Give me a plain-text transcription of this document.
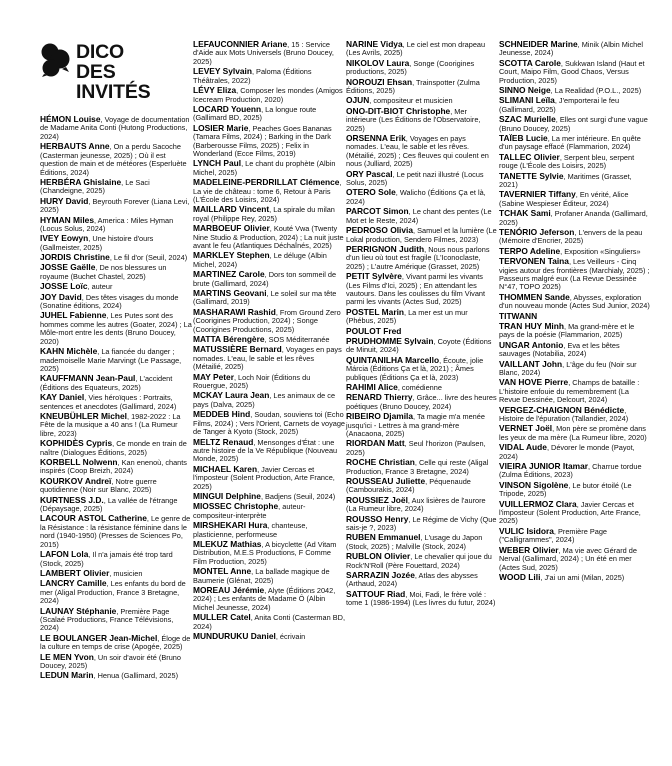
DICO
DES INVITÉS
HÉMON Louise, Voyage de documentation de Madame Anita Conti (Hutong Productions, 2024)
HERBAUTS Anne, On a perdu Sacoche (Casterman jeunesse, 2025) ; Où il est question de main et de météores (Esperluète Éditions, 2024)
HERBÉRA Ghislaine, Le Saci (Chandeigne, 2025)
HURY David, Beyrouth Forever (Liana Levi, 2025)
HYMAN Miles, America : Miles Hyman (Locus Solus, 2024)
IVEY Eowyn, Une histoire d'ours (Gallmeister, 2025)
JORDIS Christine, Le fil d'or (Seuil, 2024)
JOSSE Gaëlle, De nos blessures un royaume (Buchet Chastel, 2025)
JOSSE Loïc, auteur
JOY David, Des têtes visages du monde (Sonatine éditions, 2024)
JUHEL Fabienne, Les Putes sont des hommes comme les autres (Goater, 2024) ; La Môle-mort entre les dents (Bruno Doucey, 2020)
KAHN Michèle, La fiancée du danger ; mademoiselle Marie Marvingt (Le Passage, 2025)
KAUFFMANN Jean-Paul, L'accident (Éditions des Equateurs, 2025)
KAY Daniel, Vies héroïques : Portraits, sentences et anecdotes (Gallimard, 2024)
KNEUBÜHLER Michel, 1982-2022 : La Fête de la musique a 40 ans ! (La Rumeur libre, 2023)
KOPHIDÈS Cypris, Ce monde en train de naître (Dialogues Éditions, 2025)
KORBELL Nolwenn, Kan enenoù, chants inspirés (Coop Breizh, 2024)
KOURKOV Andreï, Notre guerre quotidienne (Noir sur Blanc, 2025)
KURTNESS J.D., La vallée de l'étrange (Dépaysage, 2025)
LACOUR ASTOL Catherine, Le genre de la Résistance : la résistance féminine dans le nord (1940-1950) (Presses de Sciences Po, 2015)
LAFON Lola, Il n'a jamais été trop tard (Stock, 2025)
LAMBERT Olivier, musicien
LANCRY Camille, Les enfants du bord de mer (Aligal Production, France 3 Bretagne, 2024)
LAUNAY Stéphanie, Première Page (Scalaé Productions, France Télévisions, 2024)
LE BOULANGER Jean-Michel, Éloge de la culture en temps de crise (Apogée, 2025)
LE MEN Yvon, Un soir d'avoir été (Bruno Doucey, 2025)
LEDUN Marin, Henua (Gallimard, 2025)
LEFAUCONNIER Ariane, 15 : Service d'Aide aux Mots Universels (Bruno Doucey, 2025)
LEVEY Sylvain, Paloma (Éditions Théâtrales, 2022)
LÉVY Eliza, Composer les mondes (Amigos Icecream Production, 2020)
LOCARD Youenn, La longue route (Gallimard BD, 2025)
LOSIER Marie, Peaches Goes Bananas (Tamara Films, 2024) ; Barking in the Dark (Barberousse Films, 2025) ; Felix in Wonderland (Ecce Films, 2019)
LYNCH Paul, Le chant du prophète (Albin Michel, 2025)
MADELEINE-PERDRILLAT Clémence, La vie de château : tome 6, Retour à Paris (L'École des Loisirs, 2024)
MAILLARD Vincent, La spirale du milan royal (Philippe Rey, 2025)
MARBOEUF Olivier, Kouté Vwa (Twenty Nine Studio & Production, 2024) ; La nuit juste avant le feu (Atlantiques Déchaînés, 2025)
MARKLEY Stephen, Le déluge (Albin Michel, 2024)
MARTINEZ Carole, Dors ton sommeil de brute (Gallimard, 2024)
MARTINS Geovani, Le soleil sur ma tête (Gallimard, 2019)
MASHARAWI Rashid, From Ground Zero (Coorigines Production, 2024) ; Songe (Coorigines Productions, 2025)
MATTA Bérengère, SOS Méditerranée
MATUSSIÈRE Bernard, Voyages en pays nomades. L'eau, le sable et les rêves (Métailié, 2025)
MAY Peter, Loch Noir (Éditions du Rouergue, 2025)
MCKAY Laura Jean, Les animaux de ce pays (Dalva, 2025)
MEDDEB Hind, Soudan, souviens toi (Echo Films, 2024) ; Vers l'Orient, Carnets de voyage de Tanger à Kyoto (Stock, 2025)
MELTZ Renaud, Mensonges d'État : une autre histoire de la Ve République (Nouveau Monde, 2025)
MICHAEL Karen, Javier Cercas et l'imposteur (Solent Production, Arte France, 2025)
MINGUI Delphine, Badjens (Seuil, 2024)
MIOSSEC Christophe, auteur-compositeur-interprète
MIRSHEKARI Hura, chanteuse, plasticienne, performeuse
MLEKUZ Mathias, A bicyclette (Ad Vitam Distribution, M.E.S Productions, F Comme Film Production, 2025)
MONTEL Anne, La ballade magique de Baumerie (Glénat, 2025)
MOREAU Jérémie, Alyte (Éditions 2042, 2024) ; Les enfants de Madame Ô (Albin Michel Jeunesse, 2024)
MULLER Catel, Anita Conti (Casterman BD, 2024)
MUNDURUKU Daniel, écrivain
NARINE Vidya, Le ciel est mon drapeau (Les Avrils, 2025)
NIKOLOV Laura, Songe (Coorigines productions, 2025)
NOROUZI Ehsan, Trainspotter (Zulma Éditions, 2025)
OJUN, compositeur et musicien
ONO-DIT-BIOT Christophe, Mer intérieure (Les Éditions de l'Observatoire, 2025)
ORSENNA Erik, Voyages en pays nomades. L'eau, le sable et les rêves. (Métailié, 2025) ; Ces fleuves qui coulent en nous (Julliard, 2025)
ORY Pascal, Le petit nazi illustré (Locus Solus, 2025)
OTERO Sole, Walicho (Éditions Ça et là, 2024)
PARCOT Simon, Le chant des pentes (Le Mot et le Reste, 2024)
PEDROSO Olivia, Samuel et la lumière (Le Lokal production, Sendero Filmes, 2023)
PERRIGNON Judith, Nous nous parlons d'un lieu où tout est fragile (L'Iconoclaste, 2025) ; L'autre Amérique (Grasset, 2025)
PETIT Sylvère, Vivant parmi les vivants (Les Films d'Ici, 2025) ; En attendant les vautours. Dans les coulisses du film Vivant parmi les vivants (Actes Sud, 2025)
POSTEL Marin, La mer est un mur (Phébus, 2025)
POULOT Fred
PRUDHOMME Sylvain, Coyote (Éditions de Minuit, 2024)
QUINTANILHA Marcello, Écoute, jolie Márcia (Éditions Ça et là, 2021) ; Âmes publiques (Éditions Ça et là, 2023)
RAHIMI Alice, comédienne
RENARD Thierry, Grâce... livre des heures poétiques (Bruno Doucey, 2024)
RIBEIRO Djamila, Ta magie m'a menée jusqu'ici - Lettres à ma grand-mère (Anacaona, 2025)
RIORDAN Matt, Seul l'horizon (Paulsen, 2025)
ROCHE Christian, Celle qui reste (Aligal Production, France 3 Bretagne, 2024)
ROUSSEAU Juliette, Péquenaude (Cambourakis, 2024)
ROUSSIEZ Joël, Aux lisières de l'aurore (La Rumeur libre, 2024)
ROUSSO Henry, Le Régime de Vichy (Que sais-je ?, 2023)
RUBEN Emmanuel, L'usage du Japon (Stock, 2025) ; Malville (Stock, 2024)
RUBLON Olivier, Le chevalier qui joue du Rock'N'Roll (Père Fouettard, 2024)
SARRAZIN Jozée, Atlas des abysses (Arthaud, 2024)
SATTOUF Riad, Moi, Fadi, le frère volé : tome 1 (1986-1994) (Les livres du futur, 2024)
SCHNEIDER Marine, Minik (Albin Michel Jeunesse, 2024)
SCOTTA Carole, Sukkwan Island (Haut et Court, Maipo Film, Good Chaos, Versus Production, 2025)
SINNO Neige, La Realidad (P.O.L., 2025)
SLIMANI Leïla, J'emporterai le feu (Gallimard, 2025)
SZAC Murielle, Elles ont surgi d'une vague (Bruno Doucey, 2025)
TAÏEB Lucie, La mer intérieure. En quête d'un paysage effacé (Flammarion, 2024)
TALLEC Olivier, Serpent bleu, serpent rouge (L'École des Loisirs, 2025)
TANETTE Sylvie, Maritimes (Grasset, 2021)
TAVERNIER Tiffany, En vérité, Alice (Sabine Wespieser Éditeur, 2024)
TCHAK Sami, Profaner Ananda (Gallimard, 2025)
TENÓRIO Jeferson, L'envers de la peau (Mémoire d'Encrier, 2025)
TERPO Adeline, Exposition «Singuliers»
TERVONEN Taina, Les Veilleurs - Cinq vigies autour des frontières (Marchialy, 2025) ; Passeurs malgré eux (La Revue Dessinée N°47, TOPO 2025)
THOMMEN Sande, Abysses, exploration d'un nouveau monde (Actes Sud Junior, 2024)
TITWANN
TRAN HUY Minh, Ma grand-mère et le pays de la poésie (Flammarion, 2025)
UNGAR Antonio, Eva et les bêtes sauvages (Notabilia, 2024)
VAILLANT John, L'âge du feu (Noir sur Blanc, 2024)
VAN HOVE Pierre, Champs de bataille : L'histoire enfouie du remembrement (La Revue Dessinée, Delcourt, 2024)
VERGEZ-CHAIGNON Bénédicte, Histoire de l'épuration (Tallandier, 2024)
VERNET Joël, Mon père se promène dans les yeux de ma mère (La Rumeur libre, 2020)
VIDAL Aude, Dévorer le monde (Payot, 2024)
VIEIRA JUNIOR Itamar, Charrue tordue (Zulma Éditions, 2023)
VINSON Sigolène, Le butor étoilé (Le Tripode, 2025)
VUILLERMOZ Clara, Javier Cercas et l'imposteur (Solent Production, Arte France, 2025)
VULIC Isidora, Première Page ("Calligrammes", 2024)
WEBER Olivier, Ma vie avec Gérard de Nerval (Gallimard, 2024) ; Un été en mer (Actes Sud, 2025)
WOOD Lili, J'ai un ami (Milan, 2025)
